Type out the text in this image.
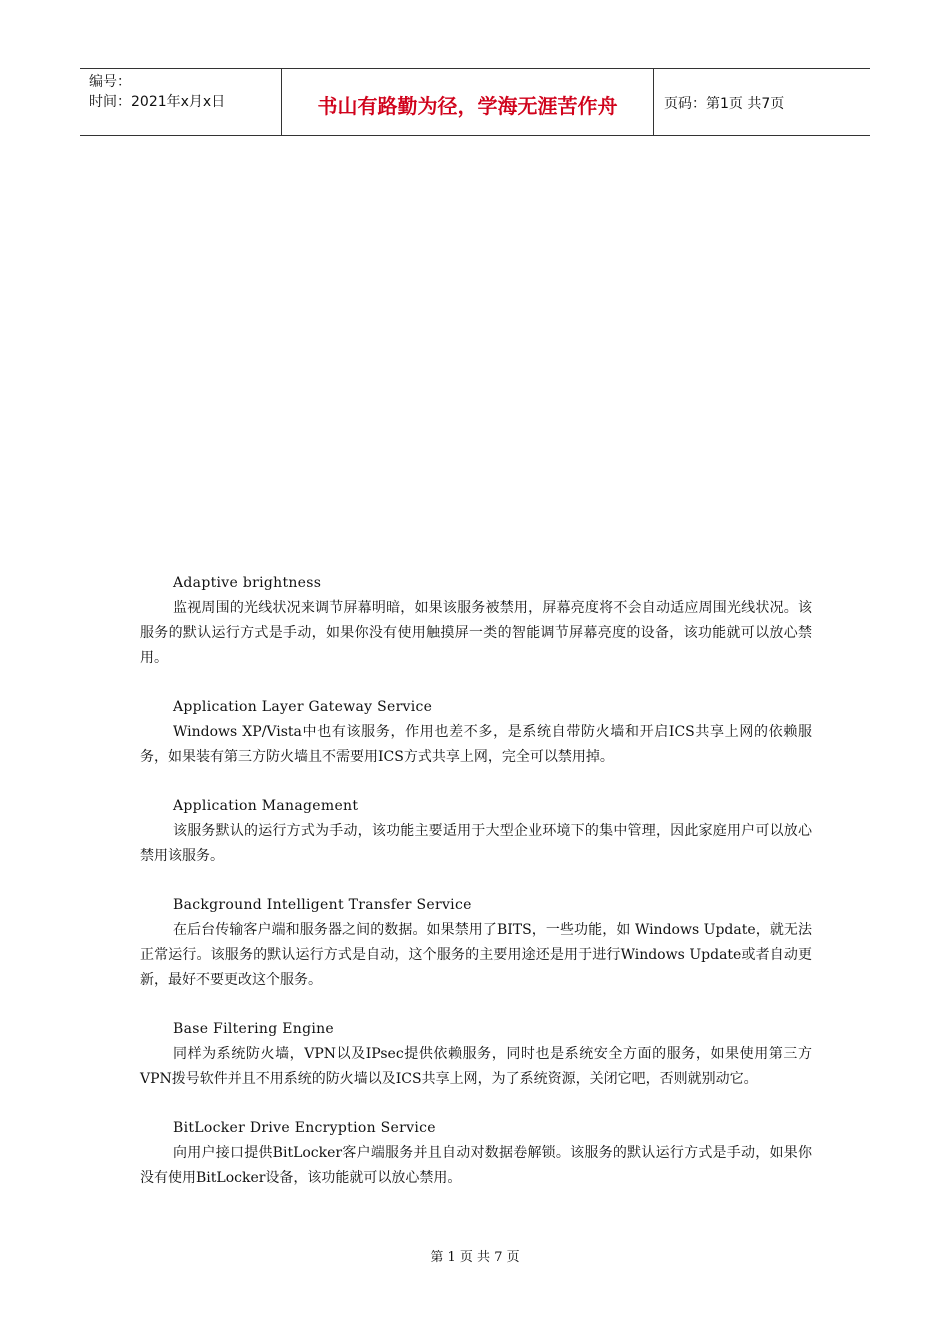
编号：
时间：2021年x月x日	书山有路勤为径，学海无涯苦作舟	页码：第1页 共7页
Adaptive brightness

监视周围的光线状况来调节屏幕明暗，如果该服务被禁用，屏幕亮度将不会自动适应周围光线状况。该服务的默认运行方式是手动，如果你没有使用触摸屏一类的智能调节屏幕亮度的设备，该功能就可以放心禁用。

Application Layer Gateway Service

Windows XP/Vista中也有该服务，作用也差不多，是系统自带防火墙和开启ICS共享上网的依赖服务，如果装有第三方防火墙且不需要用ICS方式共享上网，完全可以禁用掉。

Application Management

该服务默认的运行方式为手动，该功能主要适用于大型企业环境下的集中管理，因此家庭用户可以放心禁用该服务。

Background Intelligent Transfer Service

在后台传输客户端和服务器之间的数据。如果禁用了BITS，一些功能，如 Windows Update，就无法正常运行。该服务的默认运行方式是自动，这个服务的主要用途还是用于进行Windows Update或者自动更新，最好不要更改这个服务。

Base Filtering Engine

同样为系统防火墙，VPN以及IPsec提供依赖服务，同时也是系统安全方面的服务，如果使用第三方VPN拨号软件并且不用系统的防火墙以及ICS共享上网，为了系统资源，关闭它吧，否则就别动它。

BitLocker Drive Encryption Service

向用户接口提供BitLocker客户端服务并且自动对数据卷解锁。该服务的默认运行方式是手动，如果你没有使用BitLocker设备，该功能就可以放心禁用。

第 1 页 共 7 页
